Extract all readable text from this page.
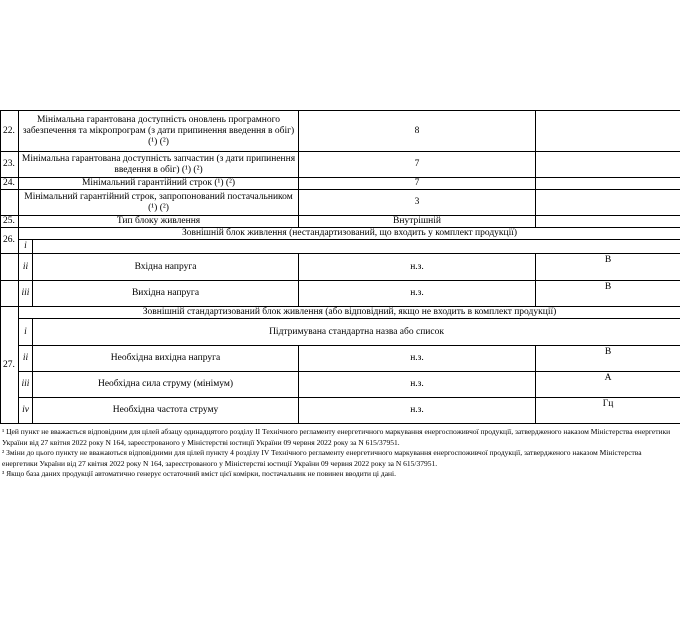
22.	Мінімальна гарантована доступність оновлень програмного забезпечення та мікропрограм (з дати припинення введення в обіг) (¹) (²)		8	
23.	Мінімальна гарантована доступність запчастин (з дати припинення введення в обіг) (¹) (²)		7	
24.	Мінімальний гарантійний строк (¹) (²)		7	
	Мінімальний гарантійний строк, запропонований постачальником (¹) (²)		3	
25.	Тип блоку живлення		Внутрішній	
26.	Зовнішній блок живлення (нестандартизований, що входить у комплект продукції)			
	i			
	ii	Вхідна напруга	н.з.	В
	iii	Вихідна напруга	н.з.	В
27.	Зовнішній стандартизований блок живлення (або відповідний, якщо не входить в комплект продукції)			
	i	Підтримувана стандартна назва або список		
	ii	Необхідна вихідна напруга	н.з.	В
	iii	Необхідна сила струму (мінімум)	н.з.	А
	iv	Необхідна частота струму	н.з.	Гц

¹ Цей пункт не вважається відповідним для цілей абзацу одинадцятого розділу II Технічного регламенту енергетичного маркування енергоспоживчої продукції, затвердженого наказом Міністерства енергетики України від 27 квітня 2022 року N 164, зареєстрованого у Міністерстві юстиції України 09 червня 2022 року за N 615/37951.

² Зміни до цього пункту не вважаються відповідними для цілей пункту 4 розділу IV Технічного регламенту енергетичного маркування енергоспоживчої продукції, затвердженого наказом Міністерства енергетики України від 27 квітня 2022 року N 164, зареєстрованого у Міністерстві юстиції України 09 червня 2022 року за N 615/37951.

³ Якщо база даних продукції автоматично генерує остаточний вміст цієї комірки, постачальник не повинен вводити ці дані.
